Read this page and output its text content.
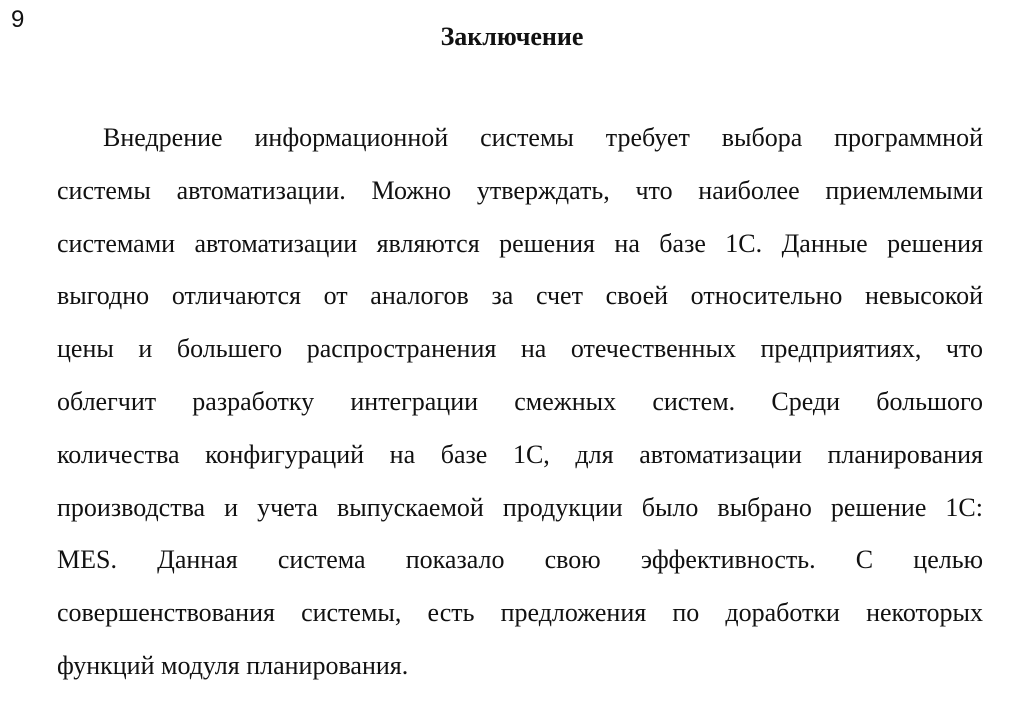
9
Заключение
Внедрение информационной системы требует выбора программной
системы автоматизации. Можно утверждать, что наиболее приемлемыми
системами автоматизации являются решения на базе 1С. Данные решения
выгодно отличаются от аналогов за счет своей относительно невысокой
цены и большего распространения на отечественных предприятиях, что
облегчит разработку интеграции смежных систем. Среди большого
количества конфигураций на базе 1С, для автоматизации планирования
производства и учета выпускаемой продукции было выбрано решение 1С:
MES. Данная система показало свою эффективность. С целью
совершенствования системы, есть предложения по доработки некоторых
функций модуля планирования.
